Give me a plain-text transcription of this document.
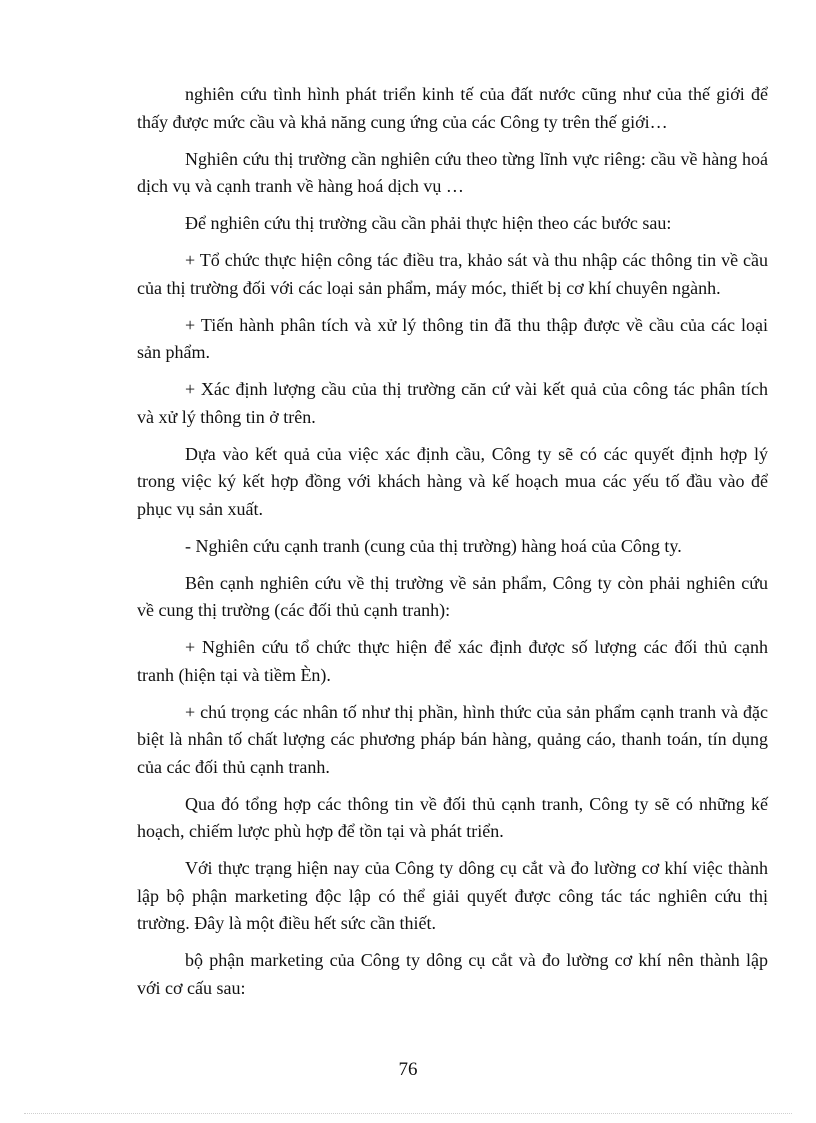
nghiên cứu tình hình phát triển kinh tế của đất nước cũng như của thế giới để thấy được mức cầu và khả năng cung ứng của các Công ty trên thế giới…

Nghiên cứu thị trường cần nghiên cứu theo từng lĩnh vực riêng: cầu về hàng hoá dịch vụ và cạnh tranh về hàng hoá dịch vụ …

Để nghiên cứu thị trường cầu cần phải thực hiện theo các bước sau:

+ Tổ chức thực hiện công tác điều tra, khảo sát và thu nhập các thông tin về cầu của thị trường đối với các loại sản phẩm, máy móc, thiết bị cơ khí chuyên ngành.

+ Tiến hành phân tích và xử lý thông tin đã thu thập được về cầu của các loại sản phẩm.

+ Xác định lượng cầu của thị trường căn cứ vài kết quả của công tác phân tích và xử lý thông tin ở trên.

Dựa vào kết quả của việc xác định cầu, Công ty sẽ có các quyết định hợp lý trong việc ký kết hợp đồng với khách hàng và kế hoạch mua các yếu tố đầu vào để phục vụ sản xuất.

- Nghiên cứu cạnh tranh (cung của thị trường) hàng hoá của Công ty.

Bên cạnh nghiên cứu về thị trường về sản phẩm, Công ty còn phải nghiên cứu về cung thị trường (các đối thủ cạnh tranh):

+ Nghiên cứu tổ chức thực hiện để xác định được số lượng các đối thủ cạnh tranh (hiện tại và tiềm Èn).

+ chú trọng các nhân tố như thị phần, hình thức của sản phẩm cạnh tranh và đặc biệt là nhân tố chất lượng các phương pháp bán hàng, quảng cáo, thanh toán, tín dụng của các đối thủ cạnh tranh.

Qua đó tổng hợp các thông tin về đối thủ cạnh tranh, Công ty sẽ có những kế hoạch, chiếm lược phù hợp để tồn tại và phát triển.

Với thực trạng hiện nay của Công ty dông cụ cắt và đo lường cơ khí việc thành lập bộ phận marketing độc lập có thể giải quyết được công tác tác nghiên cứu thị trường. Đây là một điều hết sức cần thiết.

bộ phận marketing của Công ty dông cụ cắt và đo lường cơ khí nên thành lập với cơ cấu sau:

76
